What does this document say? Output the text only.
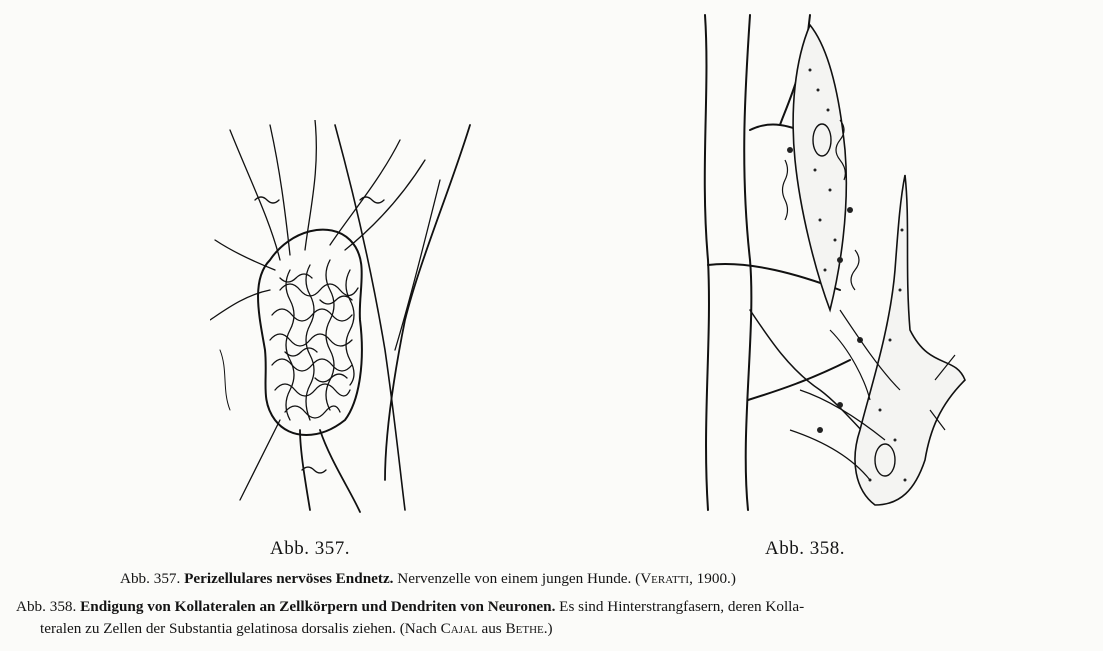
Abb. 357.	Abb. 358.
Abb. 357. Perizellulares nervöses Endnetz. Nervenzelle von einem jungen Hunde. (Veratti, 1900.)
Abb. 358. Endigung von Kollateralen an Zellkörpern und Dendriten von Neuronen. Es sind Hinterstrangfasern, deren Kolla-
teralen zu Zellen der Substantia gelatinosa dorsalis ziehen. (Nach Cajal aus Bethe.)
